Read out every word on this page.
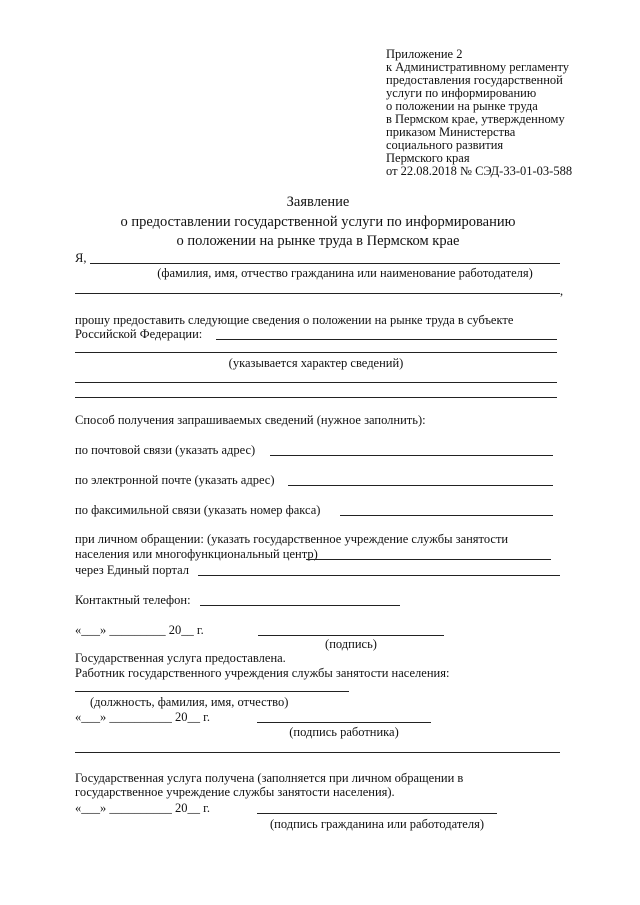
Приложение 2
к Административному регламенту
предоставления государственной
услуги по информированию
о положении на рынке труда
в Пермском крае, утвержденному
приказом Министерства
социального развития
Пермского края
от 22.08.2018 № СЭД-33-01-03-588
Заявление
о предоставлении государственной услуги по информированию
о положении на рынке труда в Пермском крае
Я,
(фамилия, имя, отчество гражданина или наименование работодателя)
,
прошу предоставить следующие сведения о положении на рынке труда в субъекте
Российской Федерации:
(указывается характер сведений)
Способ получения запрашиваемых сведений (нужное заполнить):
по почтовой связи (указать адрес)
по электронной почте (указать адрес)
по факсимильной связи (указать номер факса)
при личном обращении: (указать государственное учреждение службы занятости
населения или многофункциональный центр)
через Единый портал
Контактный телефон:
«___» _________ 20__ г.
(подпись)
Государственная услуга предоставлена.
Работник государственного учреждения службы занятости населения:
(должность, фамилия, имя, отчество)
«___» __________ 20__ г.
(подпись работника)
Государственная услуга получена (заполняется при личном обращении в
государственное учреждение службы занятости населения).
«___» __________ 20__ г.
(подпись гражданина или работодателя)
